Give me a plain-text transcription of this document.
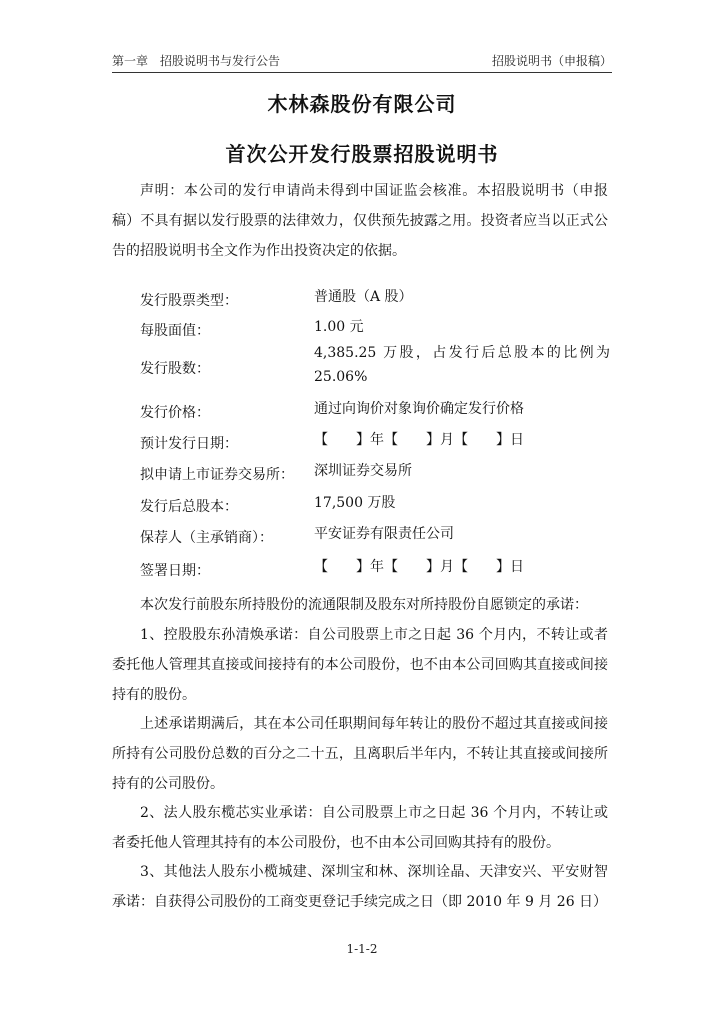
第一章　招股说明书与发行公告	招股说明书（申报稿）
木林森股份有限公司
首次公开发行股票招股说明书
声明：本公司的发行申请尚未得到中国证监会核准。本招股说明书（申报稿）不具有据以发行股票的法律效力，仅供预先披露之用。投资者应当以正式公告的招股说明书全文作为作出投资决定的依据。
发行股票类型：	普通股（A 股）
每股面值：	1.00 元
发行股数：
4,385.25 万股，占发行后总股本的比例为 25.06%
发行价格：	通过向询价对象询价确定发行价格
预计发行日期：	【　　】年【　　】月【　　】日
拟申请上市证券交易所： 深圳证券交易所
发行后总股本：	17,500 万股
保荐人（主承销商）：	平安证券有限责任公司
签署日期：	【　　】年【　　】月【　　】日
本次发行前股东所持股份的流通限制及股东对所持股份自愿锁定的承诺：
1、控股股东孙清焕承诺：自公司股票上市之日起 36 个月内，不转让或者委托他人管理其直接或间接持有的本公司股份，也不由本公司回购其直接或间接持有的股份。
上述承诺期满后，其在本公司任职期间每年转让的股份不超过其直接或间接所持有公司股份总数的百分之二十五，且离职后半年内，不转让其直接或间接所持有的公司股份。
2、法人股东榄芯实业承诺：自公司股票上市之日起 36 个月内，不转让或者委托他人管理其持有的本公司股份，也不由本公司回购其持有的股份。
3、其他法人股东小榄城建、深圳宝和林、深圳诠晶、天津安兴、平安财智承诺：自获得公司股份的工商变更登记手续完成之日（即 2010 年 9 月 26 日）
1-1-2
